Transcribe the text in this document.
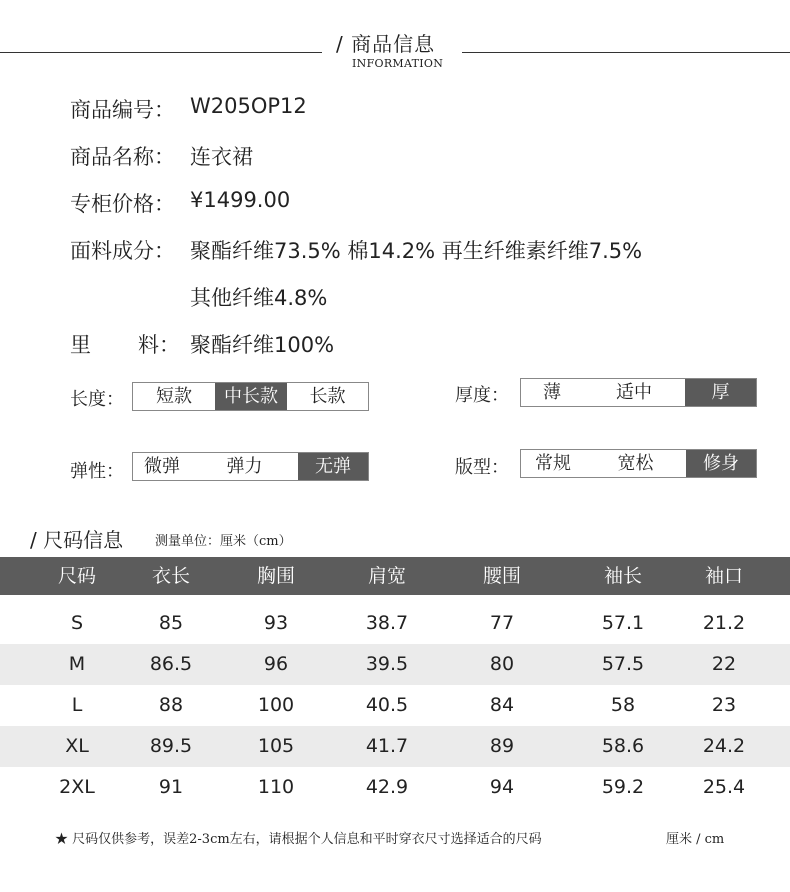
/ 商品信息
INFORMATION
商品编号： W205OP12
商品名称： 连衣裙
专柜价格： ¥1499.00
面料成分： 聚酯纤维73.5% 棉14.2% 再生纤维素纤维7.5%
其他纤维4.8%
里 料： 聚酯纤维100%
长度：	短款	中长款	长款	厚度：	薄	适中	厚
弹性：	微弹	弹力	无弹	版型：	常规	宽松	修身
/ 尺码信息 测量单位：厘米（cm）
尺码	衣长	胸围	肩宽	腰围	袖长	袖口
S	85	93	38.7	77	57.1	21.2
M	86.5	96	39.5	80	57.5	22
L	88	100	40.5	84	58	23
XL	89.5	105	41.7	89	58.6	24.2
2XL	91	110	42.9	94	59.2	25.4
★ 尺码仅供参考，误差2-3cm左右，请根据个人信息和平时穿衣尺寸选择适合的尺码	厘米 / cm
